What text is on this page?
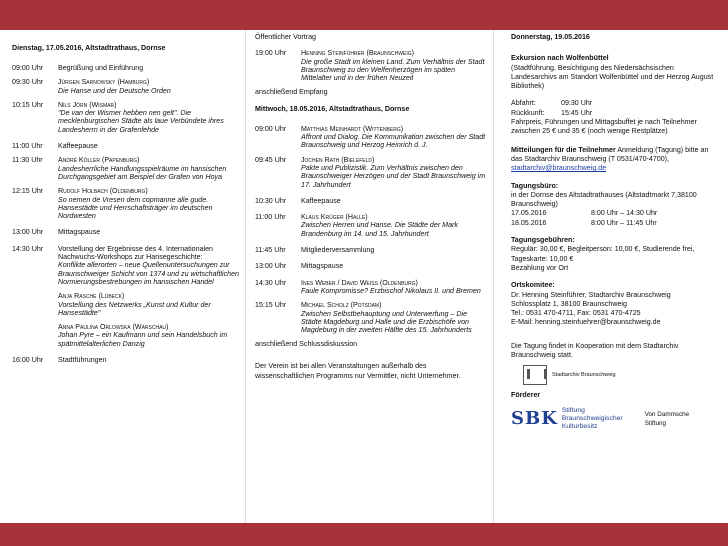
Dienstag, 17.05.2016, Altstadtrathaus, Dornse
09:00 Uhr	Begrüßung und Einführung
09:30 Uhr	Jürgen Sarnowsky (Hamburg)
Die Hanse und der Deutsche Orden
10:15 Uhr	Nils Jörn (Wismar)
"De van der Wismer hebben nen gelt". Die mecklenburgischen Städte als laue Verbündete ihres Landesherrn in der Grafenfehde
11:00 Uhr	Kaffeepause
11:30 Uhr	André Köller (Papenburg)
Landesherrliche Handlungsspielräume im hansischen Durchgangsgebiet am Beispiel der Grafen von Hoya
12:15 Uhr	Rudolf Holbach (Oldenburg)
So nemen de Vresen dem copmanne alle gude. Hansestädte und Herrschaftsträger im deutschen Nordwesten
13:00 Uhr	Mittagspause
14:30 Uhr	Vorstellung der Ergebnisse des 4. Internationalen Nachwuchs-Workshops zur Hansegeschichte:
Konflikte allerorten – neue Quellenuntersuchungen zur Braunschweiger Schicht von 1374 und zu wirtschaftlichen Normierungsbestrebungen im hansischen Handel
Anja Rasche (Lübeck)
Vorstellung des Netzwerks „Kunst und Kultur der Hansestädte"
Anna Paulina Orlowska (Warschau)
Johan Pyre – ein Kaufmann und sein Handelsbuch im spätmittelalterlichen Danzig
16:00 Uhr	Stadtführungen
Öffentlicher Vortrag
19:00 Uhr	Henning Steinführer (Braunschweig)
Die große Stadt im kleinen Land. Zum Verhältnis der Stadt Braunschweig zu den Welfenherzögen im späten Mittelalter und in der frühen Neuzeit
anschließend Empfang
Mittwoch, 18.05.2016, Altstadtrathaus, Dornse
09:00 Uhr	Matthias Meinhardt (Wittenberg)
Affront und Dialog. Die Kommunikation zwischen der Stadt Braunschweig und Herzog Heinrich d. J.
09:45 Uhr	Jochen Rath (Bielefeld)
Pakte und Publizistik. Zum Verhältnis zwischen den Braunschweiger Herzögen und der Stadt Braunschweig im 17. Jahrhundert
10:30 Uhr	Kaffeepause
11:00 Uhr	Klaus Krüger (Halle)
Zwischen Herren und Hanse. Die Städte der Mark Brandenburg im 14. und 15. Jahrhundert
11:45 Uhr	Mitgliederversammlung
13:00 Uhr	Mittagspause
14:30 Uhr	Ines Weber / David Weiss (Oldenburg)
Faule Kompromisse? Erzbischof Nikolaus II. und Bremen
15:15 Uhr	Michael Scholz (Potsdam)
Zwischen Selbstbehauptung und Unterwerfung – Die Städte Magdeburg und Halle und die Erzbischöfe von Magdeburg in der zweiten Hälfte des 15. Jahrhunderts
anschließend Schlussdiskussion
Der Verein ist bei allen Veranstaltungen außerhalb des wissenschaftlichen Programms nur Vermittler, nicht Unternehmer.
Donnerstag, 19.05.2016
Exkursion nach Wolfenbüttel
(Stadtführung, Besichtigung des Niedersächsischen Landesarchivs am Standort Wolfenbüttel und der Herzog August Bibliothek)
Abfahrt:	09:30 Uhr
Rückkunft:	15:45 Uhr
Fahrpreis, Führungen und Mittagsbuffet je nach Teilnehmer zwischen 25 € und 35 € (noch wenige Restplätze)
Mitteilungen für die Teilnehmer Anmeldung (Tagung) bitte an das Stadtarchiv Braunschweig (T 0531/470-4700),
stadtarchiv@braunschweig.de
Tagungsbüro:
in der Dornse des Altstadtrathauses (Altstadtmarkt 7,38100 Braunschweig)
17.05.2016	8:00 Uhr – 14:30 Uhr
18.05.2016	8:00 Uhr – 11:45 Uhr
Tagungsgebühren:
Regulär: 30,00 €, Begleitperson: 10,00 €, Studierende frei, Tageskarte: 10,00 €
Bezahlung vor Ort
Ortskomitee:
Dr. Henning Steinführer, Stadtarchiv Braunschweig
Schlossplatz 1, 38100 Braunschweig
Tel.: 0531 470-4711, Fax: 0531 470-4725
E-Mail: henning.steinfuehrer@braunschweig.de
Die Tagung findet in Kooperation mit dem Stadtarchiv Braunschweig statt.
Stadtarchiv Braunschweig
Förderer
SBK Stiftung
Braunschweigischer
Kulturbesitz
Von Dammsche
Stiftung
